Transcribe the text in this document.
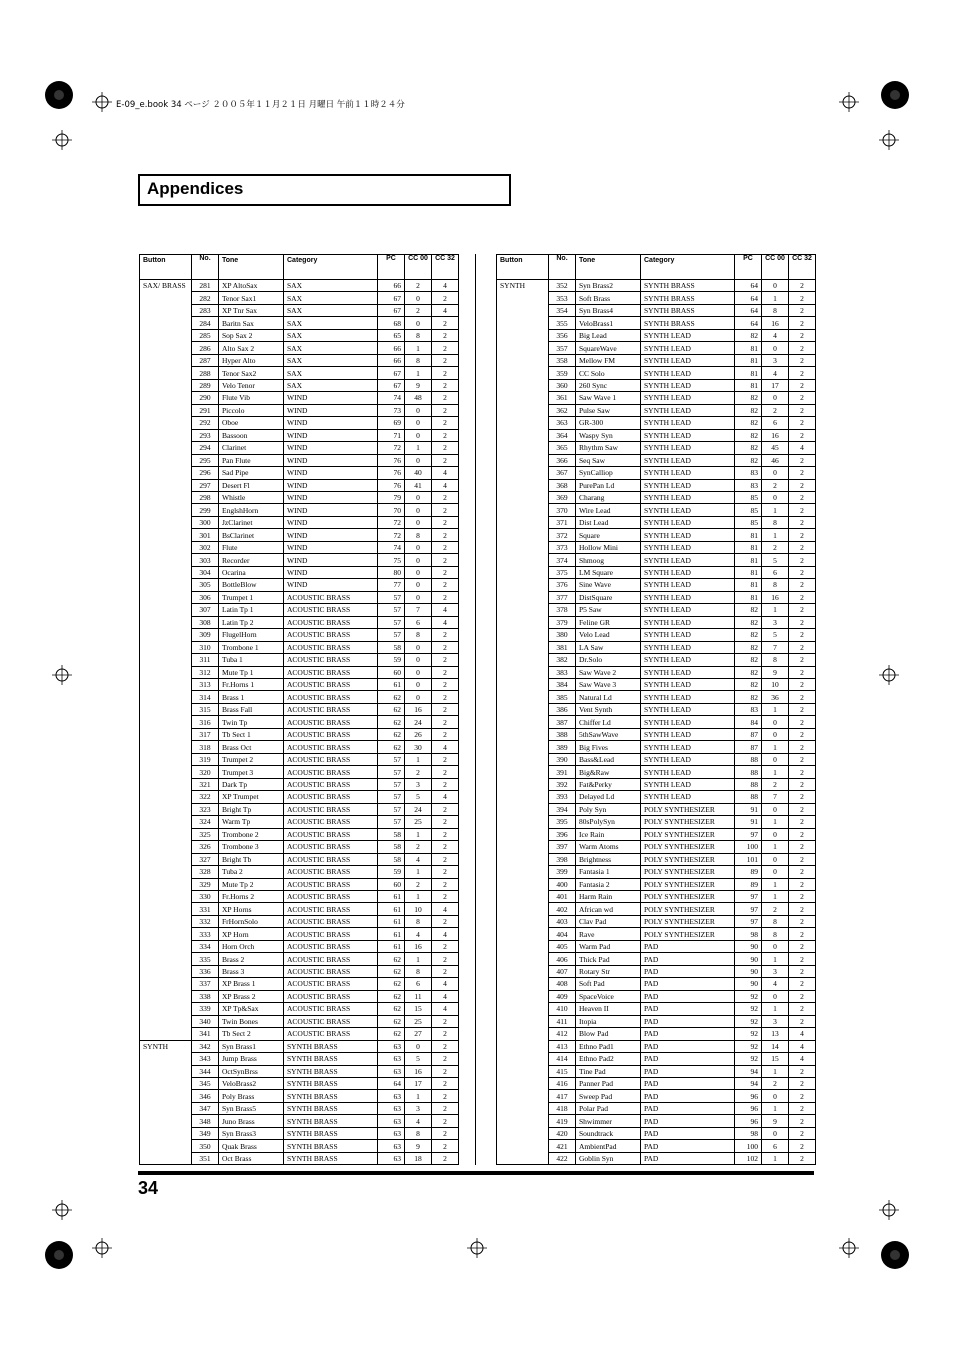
E-09_e.book 34 ページ ２００５年１１月２１日 月曜日 午前１１時２４分
Appendices
Button	No.	Tone	Category	PC	CC 00	CC 32
SAX/ BRASS	281	XP AltoSax	SAX	66	2	4
	282	Tenor Sax1	SAX	67	0	2
	283	XP Tnr Sax	SAX	67	2	4
	284	Baritn Sax	SAX	68	0	2
	285	Sop Sax 2	SAX	65	8	2
	286	Alto Sax 2	SAX	66	1	2
	287	Hyper Alto	SAX	66	8	2
	288	Tenor Sax2	SAX	67	1	2
	289	Velo Tenor	SAX	67	9	2
	290	Flute Vib	WIND	74	48	2
	291	Piccolo	WIND	73	0	2
	292	Oboe	WIND	69	0	2
	293	Bassoon	WIND	71	0	2
	294	Clarinet	WIND	72	1	2
	295	Pan Flute	WIND	76	0	2
	296	Sad Pipe	WIND	76	40	4
	297	Desert Fl	WIND	76	41	4
	298	Whistle	WIND	79	0	2
	299	EnglshHorn	WIND	70	0	2
	300	JzClarinet	WIND	72	0	2
	301	BsClarinet	WIND	72	8	2
	302	Flute	WIND	74	0	2
	303	Recorder	WIND	75	0	2
	304	Ocarina	WIND	80	0	2
	305	BottleBlow	WIND	77	0	2
	306	Trumpet 1	ACOUSTIC BRASS	57	0	2
	307	Latin Tp 1	ACOUSTIC BRASS	57	7	4
	308	Latin Tp 2	ACOUSTIC BRASS	57	6	4
	309	FlugelHorn	ACOUSTIC BRASS	57	8	2
	310	Trombone 1	ACOUSTIC BRASS	58	0	2
	311	Tuba 1	ACOUSTIC BRASS	59	0	2
	312	Mute Tp 1	ACOUSTIC BRASS	60	0	2
	313	Fr.Horns 1	ACOUSTIC BRASS	61	0	2
	314	Brass 1	ACOUSTIC BRASS	62	0	2
	315	Brass Fall	ACOUSTIC BRASS	62	16	2
	316	Twin Tp	ACOUSTIC BRASS	62	24	2
	317	Tb Sect 1	ACOUSTIC BRASS	62	26	2
	318	Brass Oct	ACOUSTIC BRASS	62	30	4
	319	Trumpet 2	ACOUSTIC BRASS	57	1	2
	320	Trumpet 3	ACOUSTIC BRASS	57	2	2
	321	Dark Tp	ACOUSTIC BRASS	57	3	2
	322	XP Trumpet	ACOUSTIC BRASS	57	5	4
	323	Bright Tp	ACOUSTIC BRASS	57	24	2
	324	Warm Tp	ACOUSTIC BRASS	57	25	2
	325	Trombone 2	ACOUSTIC BRASS	58	1	2
	326	Trombone 3	ACOUSTIC BRASS	58	2	2
	327	Bright Tb	ACOUSTIC BRASS	58	4	2
	328	Tuba 2	ACOUSTIC BRASS	59	1	2
	329	Mute Tp 2	ACOUSTIC BRASS	60	2	2
	330	Fr.Horns 2	ACOUSTIC BRASS	61	1	2
	331	XP Horns	ACOUSTIC BRASS	61	10	4
	332	FrHornSolo	ACOUSTIC BRASS	61	8	2
	333	XP Horn	ACOUSTIC BRASS	61	4	4
	334	Horn Orch	ACOUSTIC BRASS	61	16	2
	335	Brass 2	ACOUSTIC BRASS	62	1	2
	336	Brass 3	ACOUSTIC BRASS	62	8	2
	337	XP Brass 1	ACOUSTIC BRASS	62	6	4
	338	XP Brass 2	ACOUSTIC BRASS	62	11	4
	339	XP Tp&Sax	ACOUSTIC BRASS	62	15	4
	340	Twin Bones	ACOUSTIC BRASS	62	25	2
	341	Tb Sect 2	ACOUSTIC BRASS	62	27	2
SYNTH	342	Syn Brass1	SYNTH BRASS	63	0	2
	343	Jump Brass	SYNTH BRASS	63	5	2
	344	OctSynBrss	SYNTH BRASS	63	16	2
	345	VeloBrass2	SYNTH BRASS	64	17	2
	346	Poly Brass	SYNTH BRASS	63	1	2
	347	Syn Brass5	SYNTH BRASS	63	3	2
	348	Juno Brass	SYNTH BRASS	63	4	2
	349	Syn Brass3	SYNTH BRASS	63	8	2
	350	Quak Brass	SYNTH BRASS	63	9	2
	351	Oct Brass	SYNTH BRASS	63	18	2
Button	No.	Tone	Category	PC	CC 00	CC 32
SYNTH	352	Syn Brass2	SYNTH BRASS	64	0	2
	353	Soft Brass	SYNTH BRASS	64	1	2
	354	Syn Brass4	SYNTH BRASS	64	8	2
	355	VeloBrass1	SYNTH BRASS	64	16	2
	356	Big Lead	SYNTH LEAD	82	4	2
	357	SquareWave	SYNTH LEAD	81	0	2
	358	Mellow FM	SYNTH LEAD	81	3	2
	359	CC Solo	SYNTH LEAD	81	4	2
	360	260 Sync	SYNTH LEAD	81	17	2
	361	Saw Wave 1	SYNTH LEAD	82	0	2
	362	Pulse Saw	SYNTH LEAD	82	2	2
	363	GR-300	SYNTH LEAD	82	6	2
	364	Waspy Syn	SYNTH LEAD	82	16	2
	365	Rhythm Saw	SYNTH LEAD	82	45	4
	366	Seq Saw	SYNTH LEAD	82	46	2
	367	SynCalliop	SYNTH LEAD	83	0	2
	368	PurePan Ld	SYNTH LEAD	83	2	2
	369	Charang	SYNTH LEAD	85	0	2
	370	Wire Lead	SYNTH LEAD	85	1	2
	371	Dist Lead	SYNTH LEAD	85	8	2
	372	Square	SYNTH LEAD	81	1	2
	373	Hollow Mini	SYNTH LEAD	81	2	2
	374	Shmoog	SYNTH LEAD	81	5	2
	375	LM Square	SYNTH LEAD	81	6	2
	376	Sine Wave	SYNTH LEAD	81	8	2
	377	DistSquare	SYNTH LEAD	81	16	2
	378	P5 Saw	SYNTH LEAD	82	1	2
	379	Feline GR	SYNTH LEAD	82	3	2
	380	Velo Lead	SYNTH LEAD	82	5	2
	381	LA Saw	SYNTH LEAD	82	7	2
	382	Dr.Solo	SYNTH LEAD	82	8	2
	383	Saw Wave 2	SYNTH LEAD	82	9	2
	384	Saw Wave 3	SYNTH LEAD	82	10	2
	385	Natural Ld	SYNTH LEAD	82	36	2
	386	Vent Synth	SYNTH LEAD	83	1	2
	387	Chiffer Ld	SYNTH LEAD	84	0	2
	388	5thSawWave	SYNTH LEAD	87	0	2
	389	Big Fives	SYNTH LEAD	87	1	2
	390	Bass&Lead	SYNTH LEAD	88	0	2
	391	Big&Raw	SYNTH LEAD	88	1	2
	392	Fat&Perky	SYNTH LEAD	88	2	2
	393	Delayed Ld	SYNTH LEAD	88	7	2
	394	Poly Syn	POLY SYNTHESIZER	91	0	2
	395	80sPolySyn	POLY SYNTHESIZER	91	1	2
	396	Ice Rain	POLY SYNTHESIZER	97	0	2
	397	Warm Atoms	POLY SYNTHESIZER	100	1	2
	398	Brightness	POLY SYNTHESIZER	101	0	2
	399	Fantasia 1	POLY SYNTHESIZER	89	0	2
	400	Fantasia 2	POLY SYNTHESIZER	89	1	2
	401	Harm Rain	POLY SYNTHESIZER	97	1	2
	402	African wd	POLY SYNTHESIZER	97	2	2
	403	Clav Pad	POLY SYNTHESIZER	97	8	2
	404	Rave	POLY SYNTHESIZER	98	8	2
	405	Warm Pad	PAD	90	0	2
	406	Thick Pad	PAD	90	1	2
	407	Rotary Str	PAD	90	3	2
	408	Soft Pad	PAD	90	4	2
	409	SpaceVoice	PAD	92	0	2
	410	Heaven II	PAD	92	1	2
	411	Itopia	PAD	92	3	2
	412	Blow Pad	PAD	92	13	4
	413	Ethno Pad1	PAD	92	14	4
	414	Ethno Pad2	PAD	92	15	4
	415	Tine Pad	PAD	94	1	2
	416	Panner Pad	PAD	94	2	2
	417	Sweep Pad	PAD	96	0	2
	418	Polar Pad	PAD	96	1	2
	419	Shwimmer	PAD	96	9	2
	420	Soundtrack	PAD	98	0	2
	421	AmbientPad	PAD	100	6	2
	422	Goblin Syn	PAD	102	1	2
34
